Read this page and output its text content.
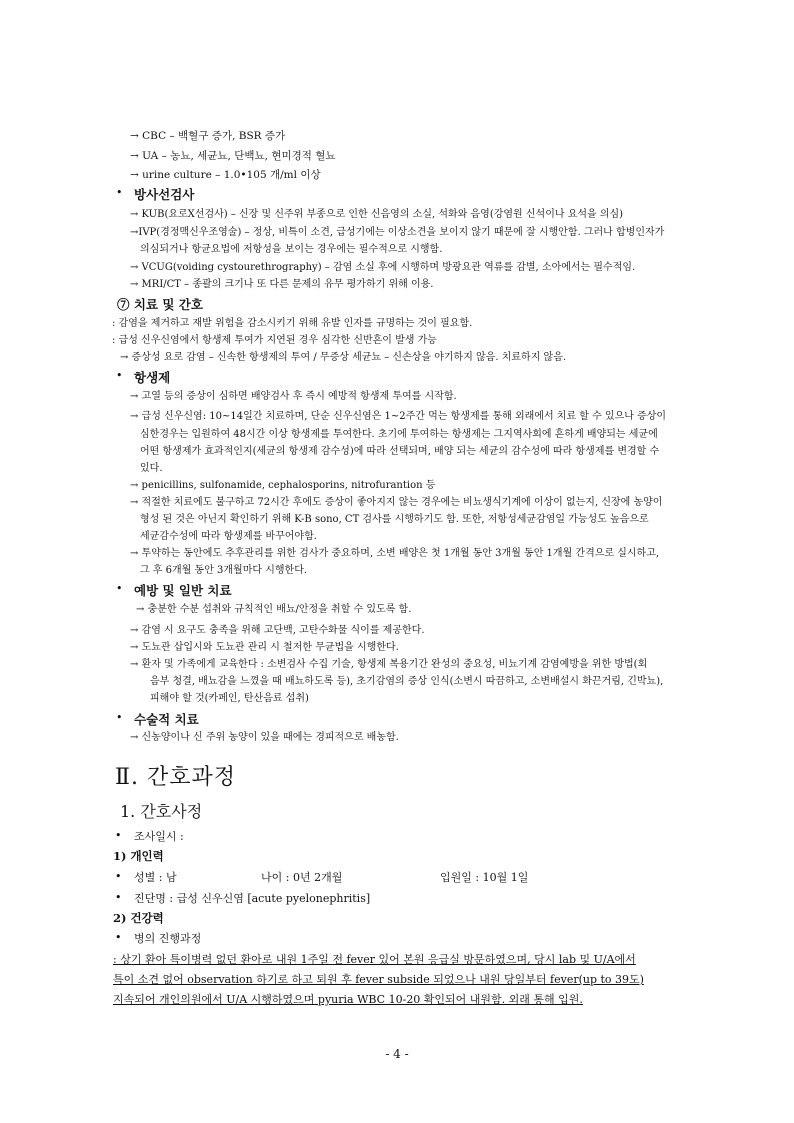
→ CBC – 백혈구 증가, BSR 증가
→ UA – 농뇨, 세균뇨, 단백뇨, 현미경적 혈뇨
→ urine culture – 1.0•105 개/ml 이상
• 방사선검사
→ KUB(요로X선검사) – 신장 및 신주위 부종으로 인한 신음영의 소실, 석화와 음영(강염원 신석이나 요석을 의심)
→IVP(경정맥신우조영술) – 정상, 비특이 소견, 급성기에는 이상소견을 보이지 않기 때문에 잘 시행안함. 그러나 합병인자가
의심되거나 항균요법에 저항성을 보이는 경우에는 필수적으로 시행함.
→ VCUG(voiding cystourethrography) – 감염 소실 후에 시행하며 방광요관 역류를 감별, 소아에서는 필수적임.
→ MRI/CT – 종괄의 크기나 또 다른 문제의 유무 평가하기 위해 이용.
⑦ 치료 및 간호
: 감염을 제거하고 재발 위험을 감소시키기 위해 유발 인자를 규명하는 것이 필요함.
: 급성 신우신염에서 항생제 투여가 지연된 경우 심각한 신반흔이 발생 가능
→ 증상성 요로 감염 – 신속한 항생제의 투여 / 무증상 세균뇨 – 신손상을 야기하지 않음. 치료하지 않음.
• 항생제
→ 고열 등의 증상이 심하면 배양검사 후 즉시 예방적 항생제 투여를 시작함.
→ 급성 신우신염: 10~14일간 치료하며, 단순 신우신염은 1~2주간 먹는 항생제를 통해 외래에서 치료 할 수 있으나 증상이
심한경우는 입원하여 48시간 이상 항생제를 투여한다. 초기에 투여하는 항생제는 그지역사회에 흔하게 배양되는 세균에
어떤 항생제가 효과적인지(세균의 항생제 감수성)에 따라 선택되며, 배양 되는 세균의 감수성에 따라 항생제를 변경할 수
있다.
→ penicillins, sulfonamide, cephalosporins, nitrofurantion 등
→ 적절한 치료에도 불구하고 72시간 후에도 증상이 좋아지지 않는 경우에는 비뇨생식기계에 이상이 없는지, 신장에 농양이
형성 된 것은 아닌지 확인하기 위해 K-B sono, CT 검사를 시행하기도 함. 또한, 저항성세균감염일 가능성도 높음으로
세균감수성에 따라 항생제를 바꾸어야함.
→ 투약하는 동안에도 추후관리를 위한 검사가 중요하며, 소변 배양은 첫 1개월 동안 3개월 동안 1개월 간격으로 실시하고,
그 후 6개월 동안 3개월마다 시행한다.
• 예방 및 일반 치료
→ 충분한 수분 섭취와 규칙적인 배뇨/안정을 취할 수 있도록 함.
→ 감염 시 요구도 충족을 위해 고단백, 고탄수화물 식이를 제공한다.
→ 도뇨관 삽입시와 도뇨관 관리 시 철저한 무균법을 시행한다.
→ 환자 및 가족에게 교육한다 : 소변검사 수집 기술, 항생제 복용기간 완성의 중요성, 비뇨기계 감염예방을 위한 방법(회
음부 청결, 배뇨감을 느꼈을 때 배뇨하도록 등), 초기감염의 증상 인식(소변시 따끔하고, 소변배설시 화끈거림, 긴박뇨),
피해야 할 것(카페인, 탄산음료 섭취)
• 수술적 치료
→ 신농양이나 신 주위 농양이 있을 때에는 경피적으로 배농함.
Ⅱ. 간호과정
1. 간호사정
• 조사일시 :
1) 개인력
• 성별 : 남	나이 : 0년 2개월	입원일 : 10월 1일
• 진단명 : 급성 신우신염 [acute pyelonephritis]
2) 건강력
• 병의 진행과정
: 상기 환아 특이병력 없던 환아로 내원 1주일 전 fever 있어 본원 응급실 방문하였으며, 당시 lab 및 U/A에서
특이 소견 없어 observation 하기로 하고 퇴원 후 fever subside 되었으나 내원 당일부터 fever(up to 39도)
지속되어 개인의원에서 U/A 시행하였으며 pyuria WBC 10-20 확인되어 내원함. 외래 통해 입원.
- 4 -
